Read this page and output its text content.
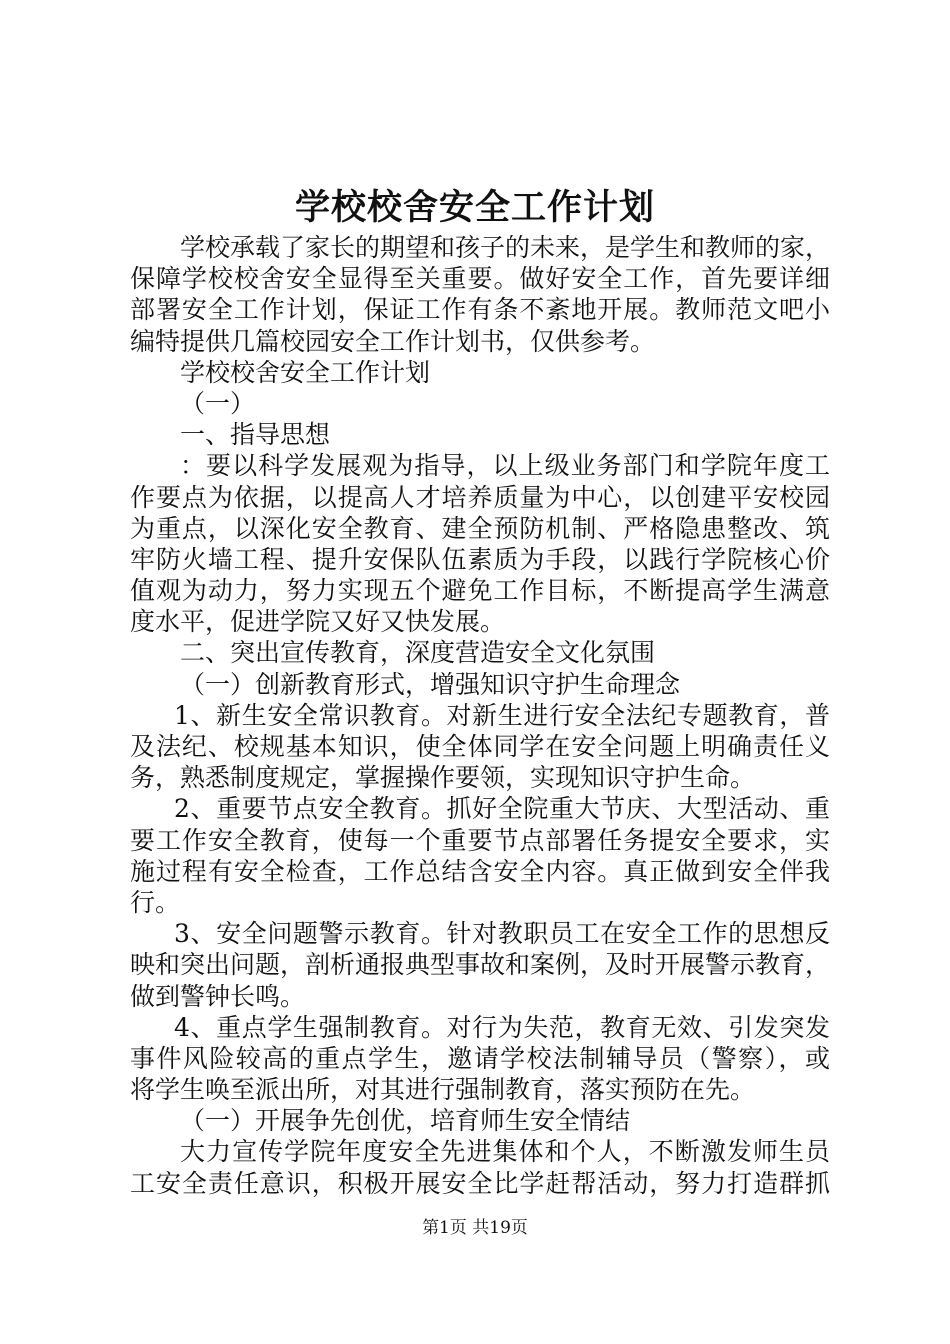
学校校舍安全工作计划
学校承载了家长的期望和孩子的未来，是学生和教师的家，
保障学校校舍安全显得至关重要。做好安全工作，首先要详细
部署安全工作计划，保证工作有条不紊地开展。教师范文吧小
编特提供几篇校园安全工作计划书，仅供参考。
学校校舍安全工作计划
（一）
一、指导思想
：要以科学发展观为指导，以上级业务部门和学院年度工
作要点为依据，以提高人才培养质量为中心，以创建平安校园
为重点，以深化安全教育、建全预防机制、严格隐患整改、筑
牢防火墙工程、提升安保队伍素质为手段，以践行学院核心价
值观为动力，努力实现五个避免工作目标，不断提高学生满意
度水平，促进学院又好又快发展。
二、突出宣传教育，深度营造安全文化氛围
（一）创新教育形式，增强知识守护生命理念
1、新生安全常识教育。对新生进行安全法纪专题教育，普
及法纪、校规基本知识，使全体同学在安全问题上明确责任义
务，熟悉制度规定，掌握操作要领，实现知识守护生命。
2、重要节点安全教育。抓好全院重大节庆、大型活动、重
要工作安全教育，使每一个重要节点部署任务提安全要求，实
施过程有安全检查，工作总结含安全内容。真正做到安全伴我
行。
3、安全问题警示教育。针对教职员工在安全工作的思想反
映和突出问题，剖析通报典型事故和案例，及时开展警示教育，
做到警钟长鸣。
4、重点学生强制教育。对行为失范，教育无效、引发突发
事件风险较高的重点学生，邀请学校法制辅导员（警察），或
将学生唤至派出所，对其进行强制教育，落实预防在先。
（一）开展争先创优，培育师生安全情结
大力宣传学院年度安全先进集体和个人，不断激发师生员
工安全责任意识，积极开展安全比学赶帮活动，努力打造群抓
第1页 共19页
